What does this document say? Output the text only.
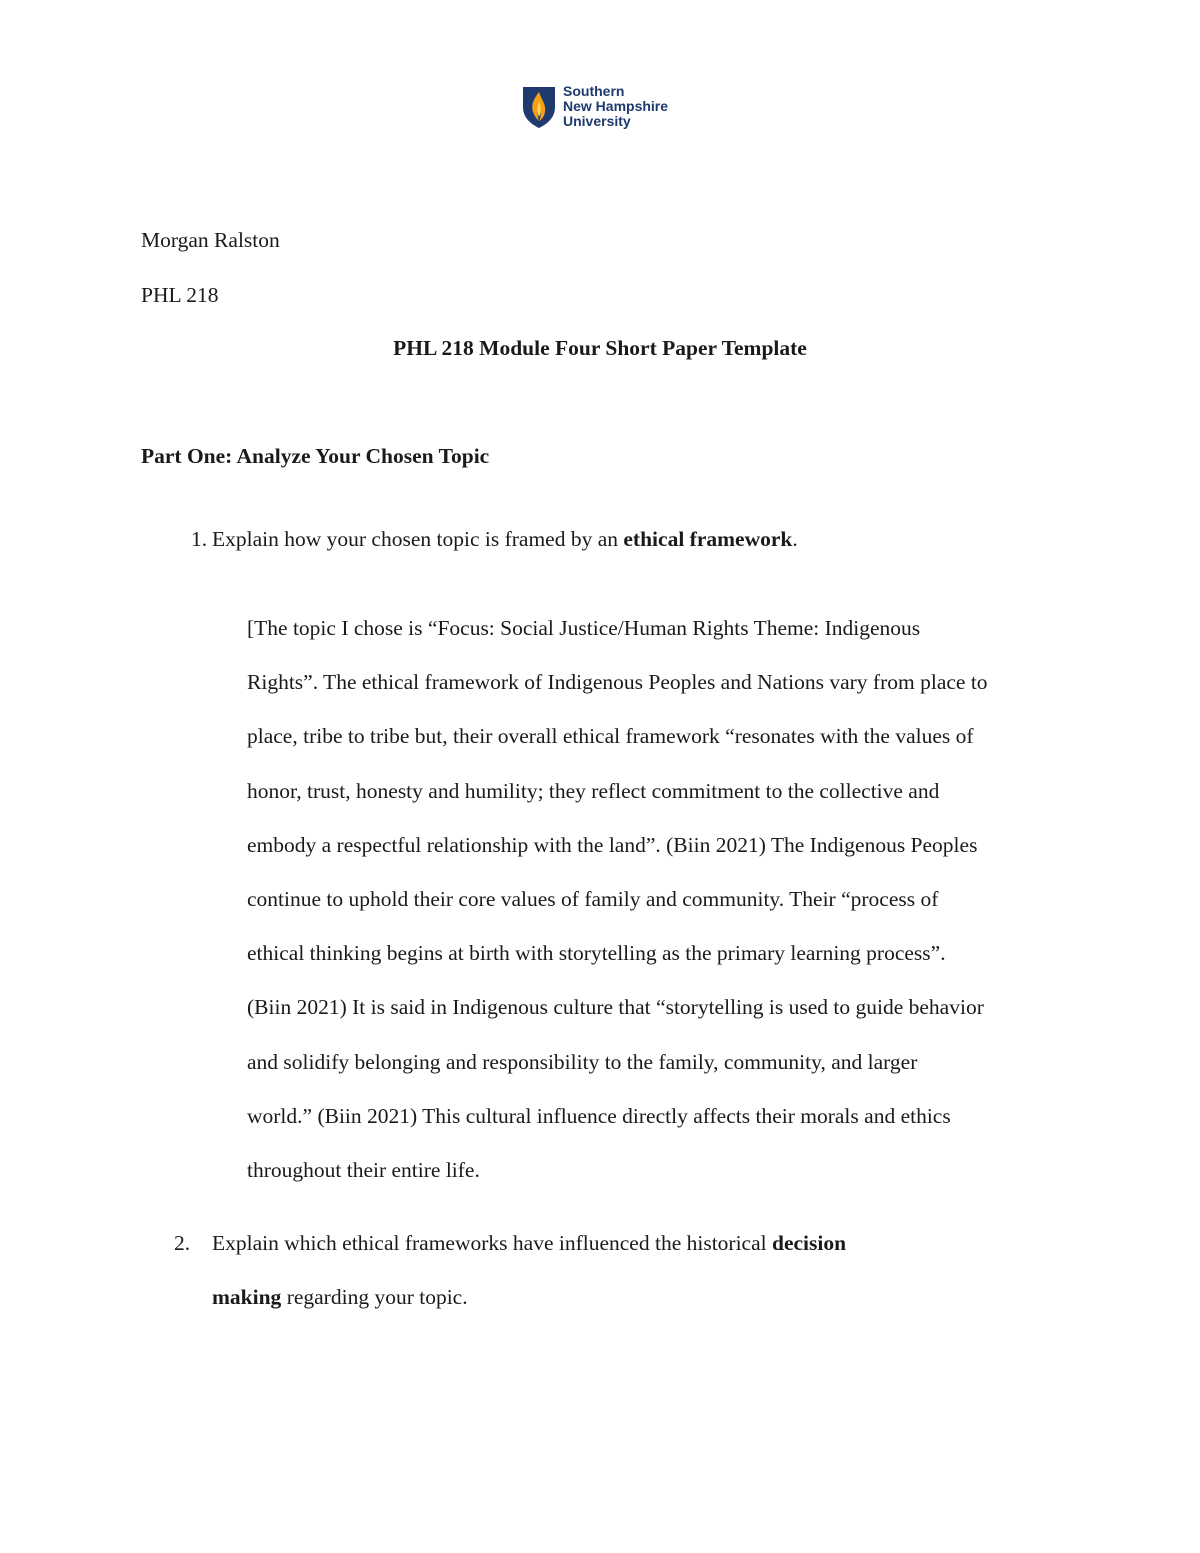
Southern
New Hampshire
University
Morgan Ralston
PHL 218
PHL 218 Module Four Short Paper Template
Part One: Analyze Your Chosen Topic
1. Explain how your chosen topic is framed by an ethical framework.
[The topic I chose is “Focus: Social Justice/Human Rights Theme: Indigenous
Rights”. The ethical framework of Indigenous Peoples and Nations vary from place to
place, tribe to tribe but, their overall ethical framework “resonates with the values of
honor, trust, honesty and humility; they reflect commitment to the collective and
embody a respectful relationship with the land”. (Biin 2021) The Indigenous Peoples
continue to uphold their core values of family and community. Their “process of
ethical thinking begins at birth with storytelling as the primary learning process”.
(Biin 2021) It is said in Indigenous culture that “storytelling is used to guide behavior
and solidify belonging and responsibility to the family, community, and larger
world.” (Biin 2021) This cultural influence directly affects their morals and ethics
throughout their entire life.
2. Explain which ethical frameworks have influenced the historical decision
making regarding your topic.
